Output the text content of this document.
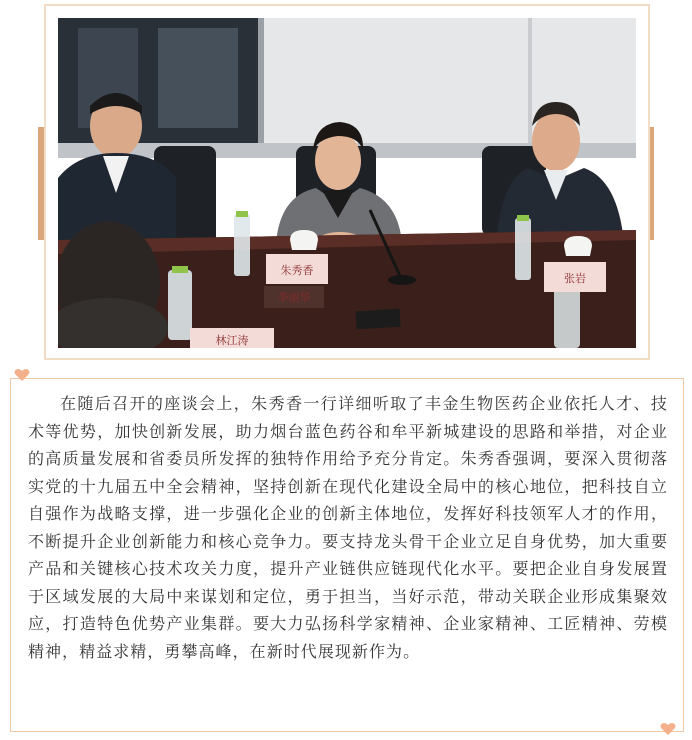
朱秀香
张岩
林江涛
李丽华

在随后召开的座谈会上，朱秀香一行详细听取了丰金生物医药企业依托人才、技术等优势，加快创新发展，助力烟台蓝色药谷和牟平新城建设的思路和举措，对企业的高质量发展和省委员所发挥的独特作用给予充分肯定。朱秀香强调，要深入贯彻落实党的十九届五中全会精神，坚持创新在现代化建设全局中的核心地位，把科技自立自强作为战略支撑，进一步强化企业的创新主体地位，发挥好科技领军人才的作用，不断提升企业创新能力和核心竞争力。要支持龙头骨干企业立足自身优势，加大重要产品和关键核心技术攻关力度，提升产业链供应链现代化水平。要把企业自身发展置于区域发展的大局中来谋划和定位，勇于担当，当好示范，带动关联企业形成集聚效应，打造特色优势产业集群。要大力弘扬科学家精神、企业家精神、工匠精神、劳模精神，精益求精，勇攀高峰，在新时代展现新作为。
